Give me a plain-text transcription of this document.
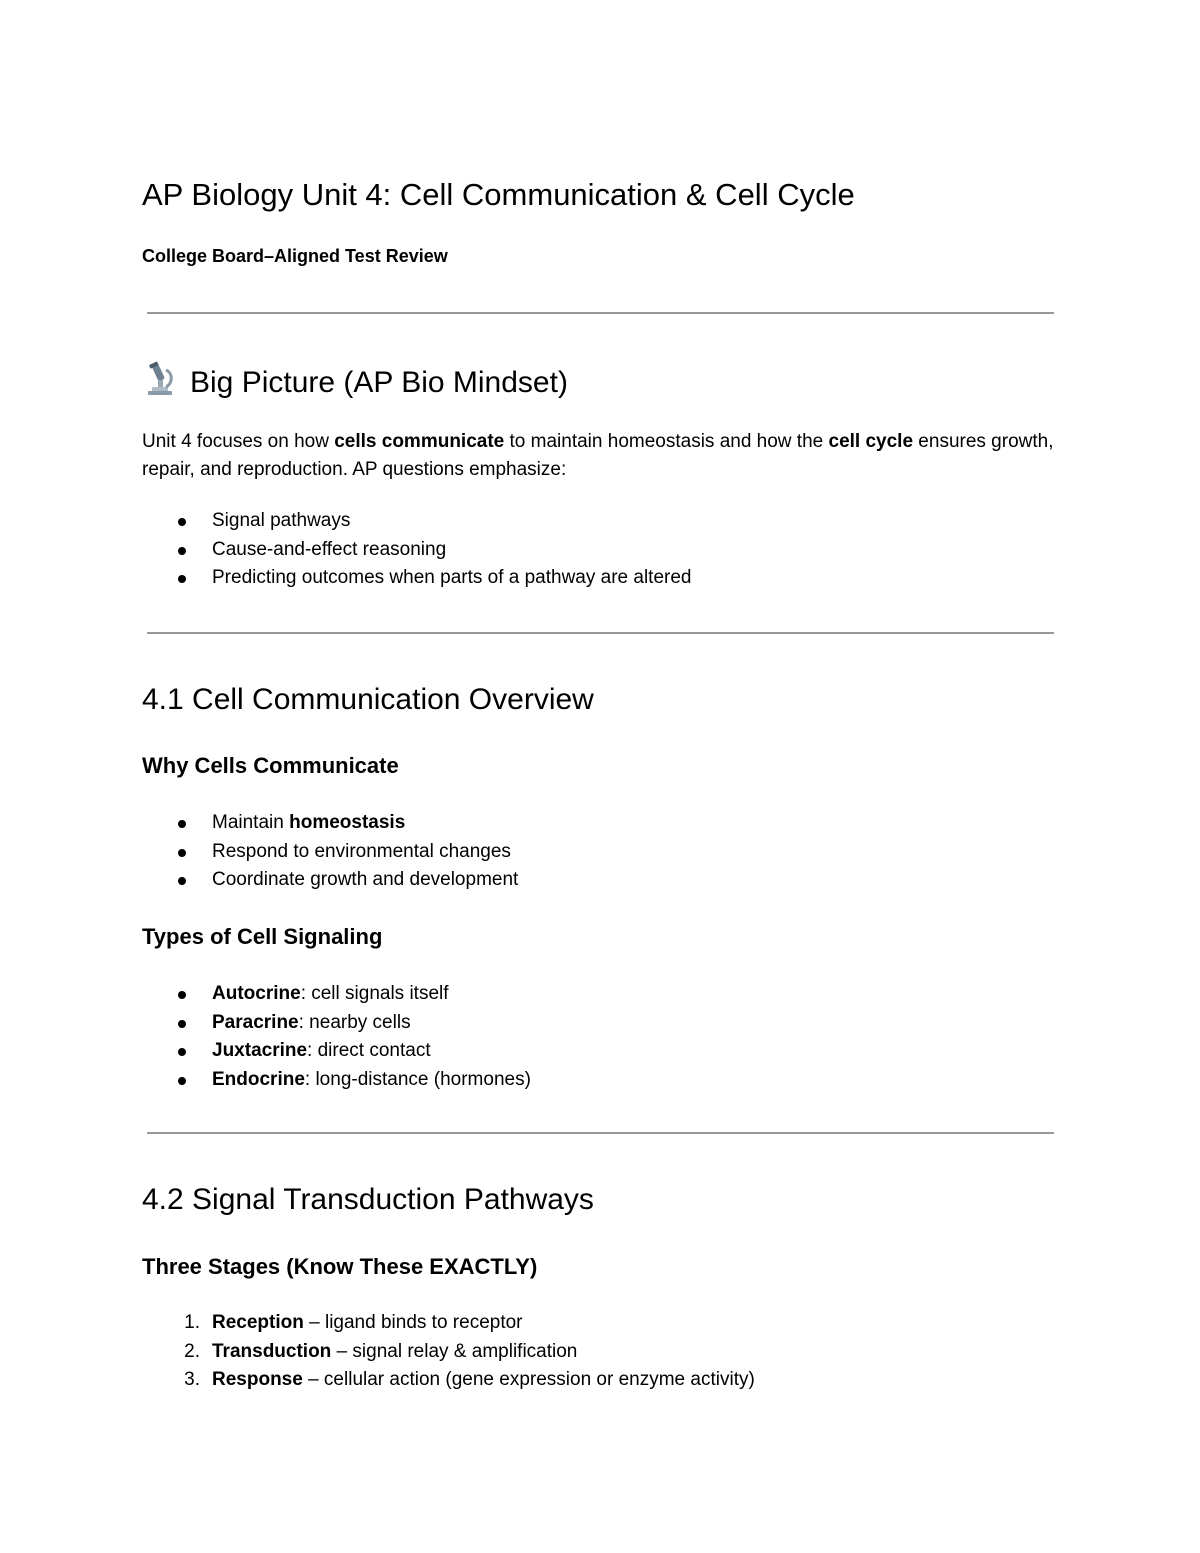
AP Biology Unit 4: Cell Communication & Cell Cycle
College Board–Aligned Test Review
Big Picture (AP Bio Mindset)

Unit 4 focuses on how cells communicate to maintain homeostasis and how the cell cycle ensures growth, repair, and reproduction. AP questions emphasize:

Signal pathways
Cause-and-effect reasoning
Predicting outcomes when parts of a pathway are altered
4.1 Cell Communication Overview
Why Cells Communicate
Maintain homeostasis
Respond to environmental changes
Coordinate growth and development
Types of Cell Signaling
Autocrine: cell signals itself
Paracrine: nearby cells
Juxtacrine: direct contact
Endocrine: long-distance (hormones)
4.2 Signal Transduction Pathways
Three Stages (Know These EXACTLY)
1. Reception – ligand binds to receptor
2. Transduction – signal relay & amplification
3. Response – cellular action (gene expression or enzyme activity)
